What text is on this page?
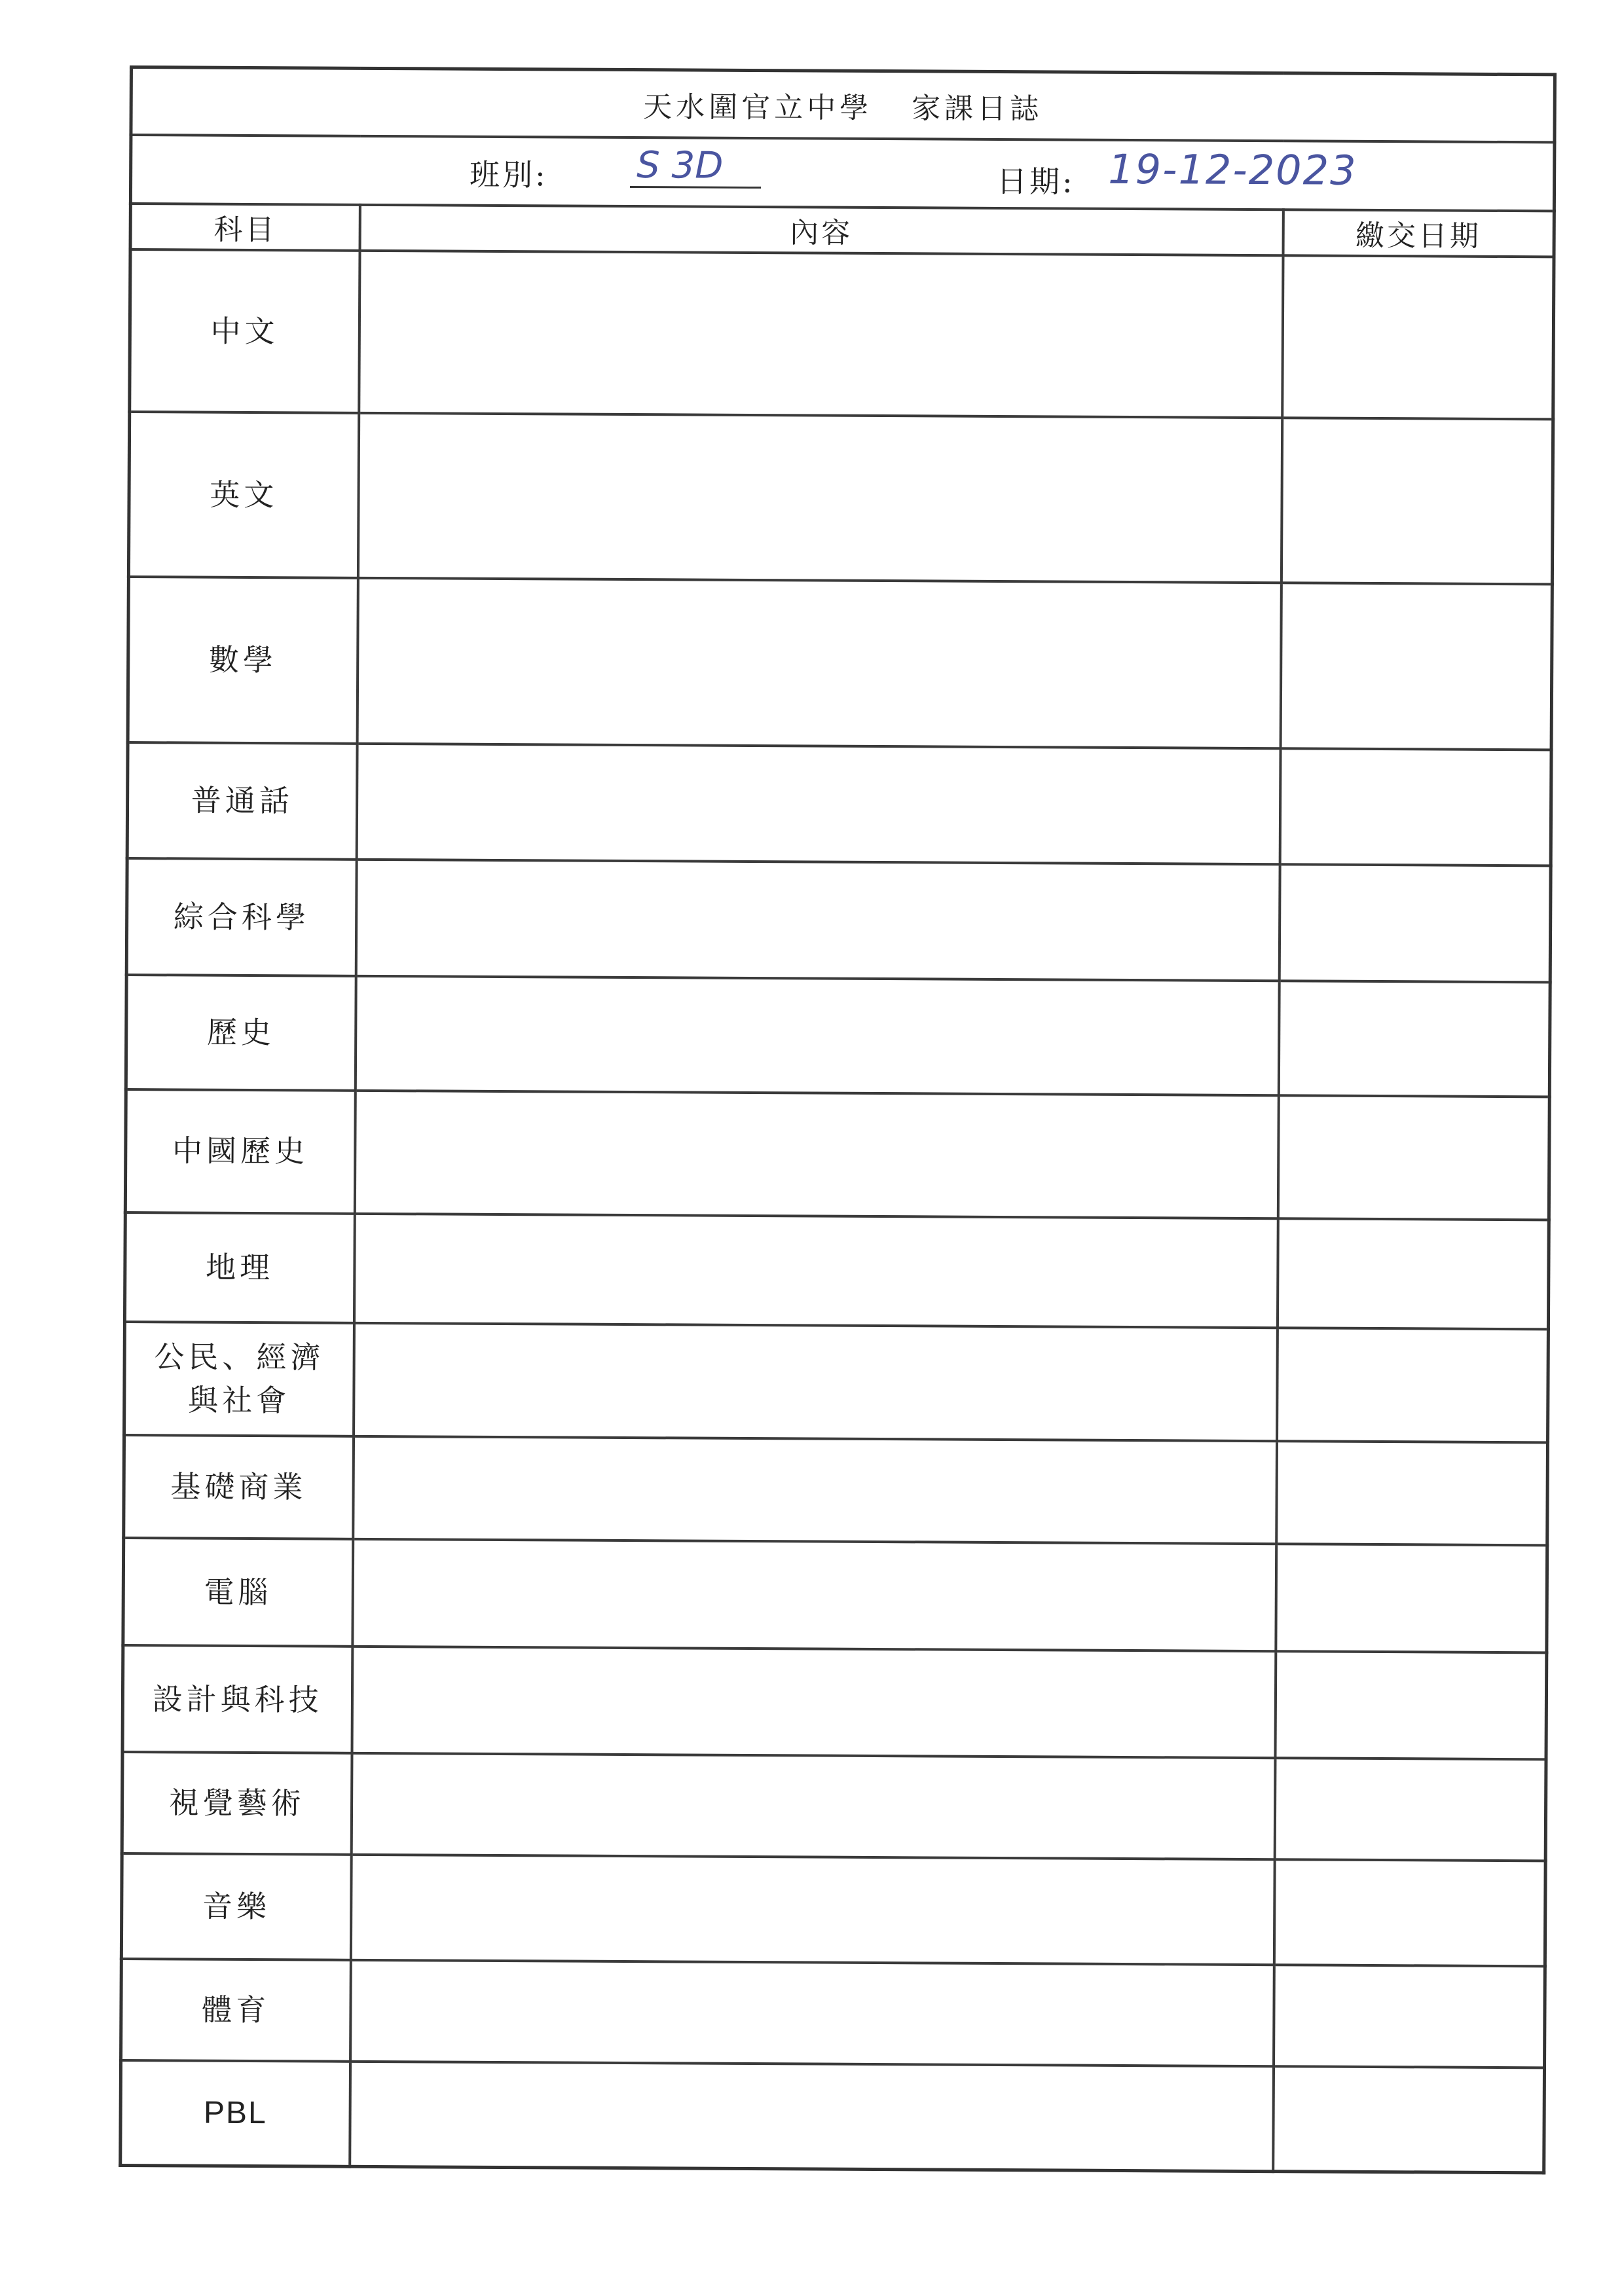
天水圍官立中學 家課日誌		

班別: S 3D 日期: 19-12-2023		

科目	內容	繳交日期
中文		
英文		
數學		
普通話		
綜合科學		
歷史		
中國歷史		
地理		
公民、經濟
與社會		
基礎商業		
電腦		
設計與科技		
視覺藝術		
音樂		
體育		
PBL		
